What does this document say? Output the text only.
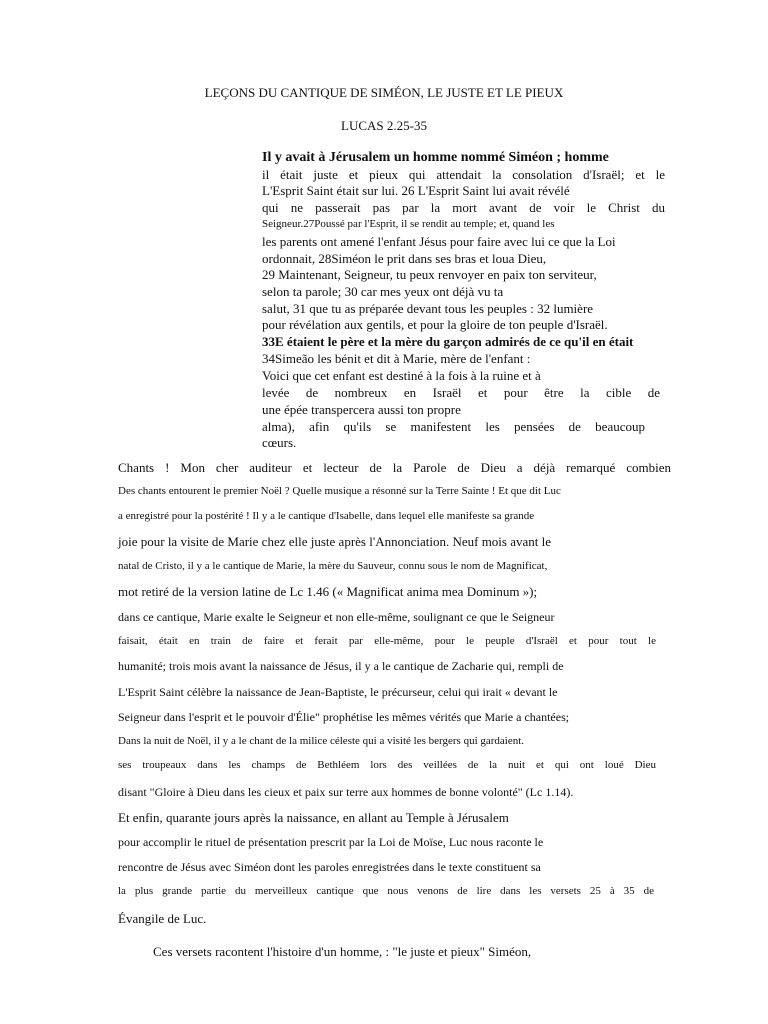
LEÇONS DU CANTIQUE DE SIMÉON, LE JUSTE ET LE PIEUX
LUCAS 2.25-35
Il y avait à Jérusalem un homme nommé Siméon ; homme
il était juste et pieux qui attendait la consolation d'Israël; et le
L'Esprit Saint était sur lui. 26 L'Esprit Saint lui avait révélé
qui ne passerait pas par la mort avant de voir le Christ du
Seigneur.27Poussé par l'Esprit, il se rendit au temple; et, quand les
les parents ont amené l'enfant Jésus pour faire avec lui ce que la Loi
ordonnait, 28Siméon le prit dans ses bras et loua Dieu,
29 Maintenant, Seigneur, tu peux renvoyer en paix ton serviteur,
selon ta parole; 30 car mes yeux ont déjà vu ta
salut, 31 que tu as préparée devant tous les peuples : 32 lumière
pour révélation aux gentils, et pour la gloire de ton peuple d'Israël.
33E étaient le père et la mère du garçon admirés de ce qu'il en était
34Simeão les bénit et dit à Marie, mère de l'enfant :
Voici que cet enfant est destiné à la fois à la ruine et à
levée de nombreux en Israël et pour être la cible de
une épée transpercera aussi ton propre
alma), afin qu'ils se manifestent les pensées de beaucoup
cœurs.
Chants ! Mon cher auditeur et lecteur de la Parole de Dieu a déjà remarqué combien
Des chants entourent le premier Noël ? Quelle musique a résonné sur la Terre Sainte ! Et que dit Luc
a enregistré pour la postérité ! Il y a le cantique d'Isabelle, dans lequel elle manifeste sa grande
joie pour la visite de Marie chez elle juste après l'Annonciation. Neuf mois avant le
natal de Cristo, il y a le cantique de Marie, la mère du Sauveur, connu sous le nom de Magnificat,
mot retiré de la version latine de Lc 1.46 (« Magnificat anima mea Dominum »);
dans ce cantique, Marie exalte le Seigneur et non elle-même, soulignant ce que le Seigneur
faisait, était en train de faire et ferait par elle-même, pour le peuple d'Israël et pour tout le
humanité; trois mois avant la naissance de Jésus, il y a le cantique de Zacharie qui, rempli de
L'Esprit Saint célèbre la naissance de Jean-Baptiste, le précurseur, celui qui irait « devant le
Seigneur dans l'esprit et le pouvoir d'Élie" prophétise les mêmes vérités que Marie a chantées;
Dans la nuit de Noël, il y a le chant de la milice céleste qui a visité les bergers qui gardaient.
ses troupeaux dans les champs de Bethléem lors des veillées de la nuit et qui ont loué Dieu
disant "Gloire à Dieu dans les cieux et paix sur terre aux hommes de bonne volonté" (Lc 1.14).
Et enfin, quarante jours après la naissance, en allant au Temple à Jérusalem
pour accomplir le rituel de présentation prescrit par la Loi de Moïse, Luc nous raconte le
rencontre de Jésus avec Siméon dont les paroles enregistrées dans le texte constituent sa
la plus grande partie du merveilleux cantique que nous venons de lire dans les versets 25 à 35 de
Évangile de Luc.
Ces versets racontent l'histoire d'un homme, : "le juste et pieux" Siméon,
